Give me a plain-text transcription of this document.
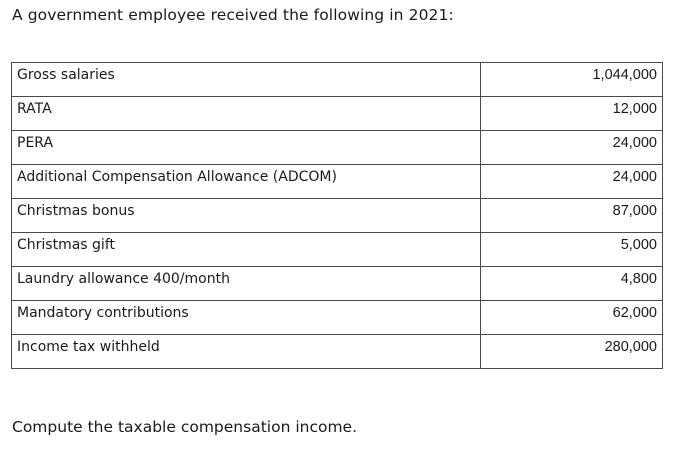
A government employee received the following in 2021:
Gross salaries	1,044,000
RATA	12,000
PERA	24,000
Additional Compensation Allowance (ADCOM)	24,000
Christmas bonus	87,000
Christmas gift	5,000
Laundry allowance 400/month	4,800
Mandatory contributions	62,000
Income tax withheld	280,000
Compute the taxable compensation income.
